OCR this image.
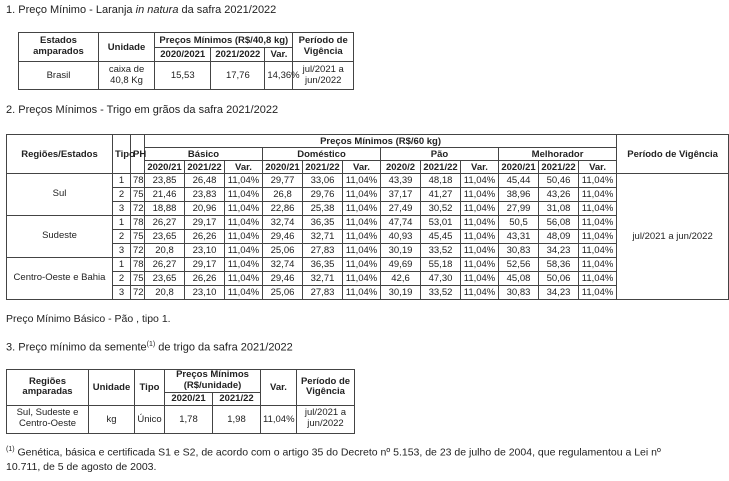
1. Preço Mínimo - Laranja in natura da safra 2021/2022
Estados amparados	Unidade	Preços Mínimos (R$/40,8 kg)			Período de Vigência
		2020/2021	2021/2022	Var.	
Brasil	caixa de 40,8 Kg	15,53	17,76	14,36%	jul/2021 a jun/2022
2. Preços Mínimos - Trigo em grãos da safra 2021/2022
Regiões/Estados	Tipo	PH	Preços Mínimos (R$/60 kg)												Período de Vigência
			Básico			Doméstico			Pão			Melhorador			
			2020/21	2021/22	Var.	2020/21	2021/22	Var.	2020/2	2021/22	Var.	2020/21	2021/22	Var.	
Sul	1	78	23,85	26,48	11,04%	29,77	33,06	11,04%	43,39	48,18	11,04%	45,44	50,46	11,04%	jul/2021 a jun/2022
	2	75	21,46	23,83	11,04%	26,8	29,76	11,04%	37,17	41,27	11,04%	38,96	43,26	11,04%	
	3	72	18,88	20,96	11,04%	22,86	25,38	11,04%	27,49	30,52	11,04%	27,99	31,08	11,04%	
Sudeste	1	78	26,27	29,17	11,04%	32,74	36,35	11,04%	47,74	53,01	11,04%	50,5	56,08	11,04%	
	2	75	23,65	26,26	11,04%	29,46	32,71	11,04%	40,93	45,45	11,04%	43,31	48,09	11,04%	
	3	72	20,8	23,10	11,04%	25,06	27,83	11,04%	30,19	33,52	11,04%	30,83	34,23	11,04%	
Centro-Oeste e Bahia	1	78	26,27	29,17	11,04%	32,74	36,35	11,04%	49,69	55,18	11,04%	52,56	58,36	11,04%	
	2	75	23,65	26,26	11,04%	29,46	32,71	11,04%	42,6	47,30	11,04%	45,08	50,06	11,04%	
	3	72	20,8	23,10	11,04%	25,06	27,83	11,04%	30,19	33,52	11,04%	30,83	34,23	11,04%	
Preço Mínimo Básico - Pão , tipo 1.
3. Preço mínimo da semente$^{(1)}$ de trigo da safra 2021/2022
Regiões amparadas	Unidade	Tipo	Preços Mínimos (R$/unidade)		Var.	Período de Vigência
			2020/21	2021/22		
Sul, Sudeste e Centro-Oeste	kg	Único	1,78	1,98	11,04%	jul/2021 a jun/2022
$^{(1)}$ Genética, básica e certificada S1 e S2, de acordo com o artigo 35 do Decreto nº 5.153, de 23 de julho de 2004, que regulamentou a Lei nº
10.711, de 5 de agosto de 2003.
